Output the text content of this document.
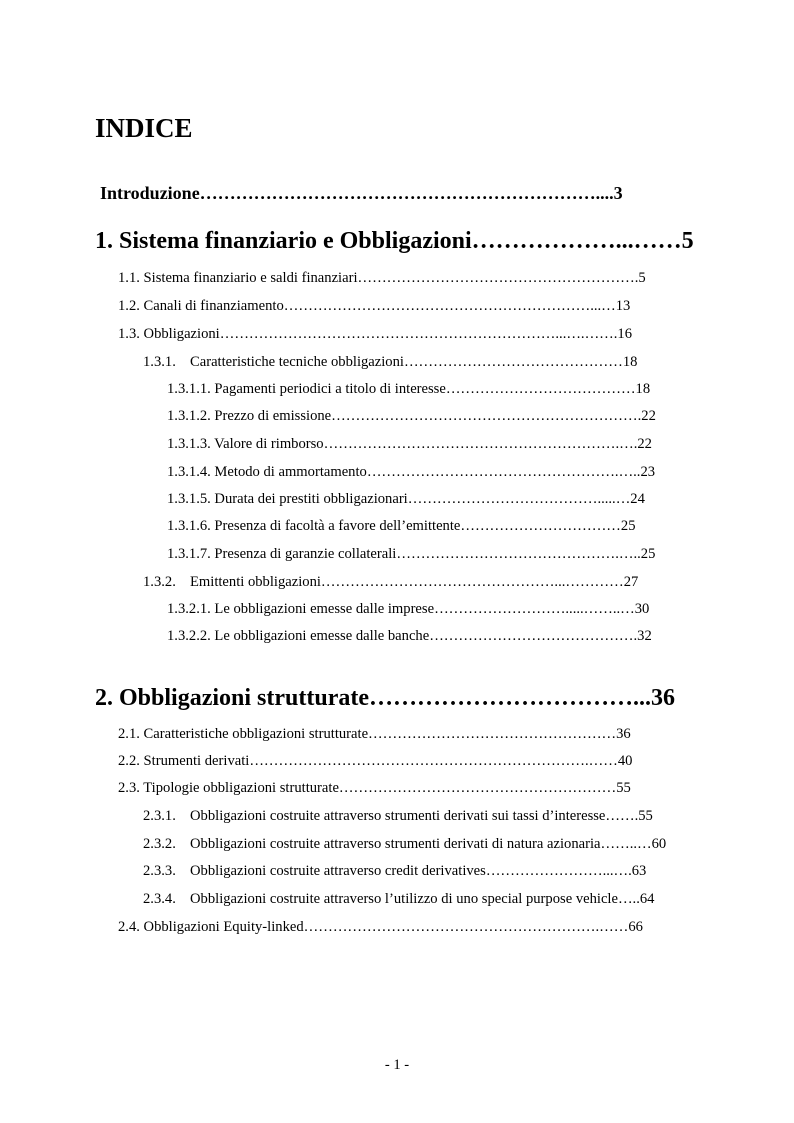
INDICE
Introduzione…………………………………………………………....3
1. Sistema finanziario e Obbligazioni………………...……5
1.1. Sistema finanziario e saldi finanziari………………………………………………….5
1.2. Canali di finanziamento………………………………………………………...…13
1.3. Obbligazioni……………………………………………………………...….…….16
1.3.1. Caratteristiche tecniche obbligazioni………………………………………18
1.3.1.1. Pagamenti periodici a titolo di interesse…………………………………18
1.3.1.2. Prezzo di emissione……………………………………………………….22
1.3.1.3. Valore di rimborso…………………………………………………….….22
1.3.1.4. Metodo di ammortamento…………………………………………….…..23
1.3.1.5. Durata dei prestiti obbligazionari………………………………….....…24
1.3.1.6. Presenza di facoltà a favore dell’emittente……………………………25
1.3.1.7. Presenza di garanzie collaterali……………………………………….…..25
1.3.2. Emittenti obbligazioni…………………………………………...…………27
1.3.2.1. Le obbligazioni emesse dalle imprese……………………….....……..…30
1.3.2.2. Le obbligazioni emesse dalle banche…………………………………….32
2. Obbligazioni strutturate……………………………...36
2.1. Caratteristiche obbligazioni strutturate……………………………………………36
2.2. Strumenti derivati…………………………………………………………….……40
2.3. Tipologie obbligazioni strutturate…………………………………………………55
2.3.1. Obbligazioni costruite attraverso strumenti derivati sui tassi d’interesse…….55
2.3.2. Obbligazioni costruite attraverso strumenti derivati di natura azionaria……..…60
2.3.3. Obbligazioni costruite attraverso credit derivatives……………………...….63
2.3.4. Obbligazioni costruite attraverso l’utilizzo di uno special purpose vehicle…..64
2.4. Obbligazioni Equity-linked…………………………………………………….……66
- 1 -
